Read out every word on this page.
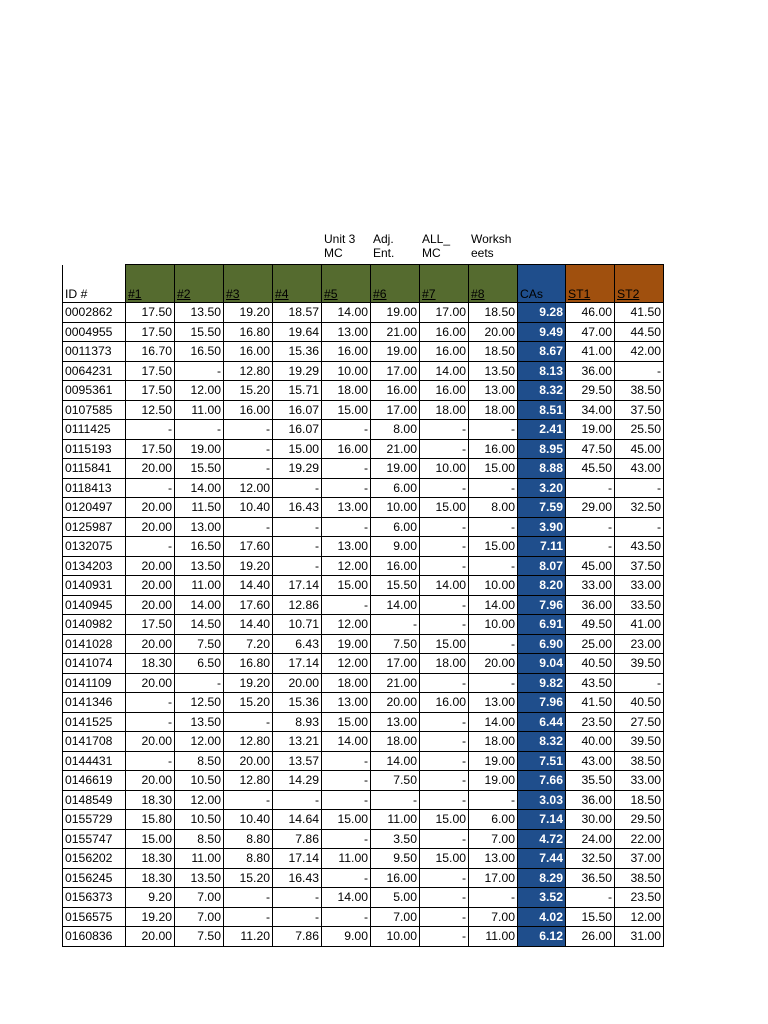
Unit 3
MC
Adj.
Ent.
ALL_
MC
Worksh
eets
ID #	#1	#2	#3	#4	#5	#6	#7	#8	CAs	ST1	ST2
0002862	17.50	13.50	19.20	18.57	14.00	19.00	17.00	18.50	9.28	46.00	41.50
0004955	17.50	15.50	16.80	19.64	13.00	21.00	16.00	20.00	9.49	47.00	44.50
0011373	16.70	16.50	16.00	15.36	16.00	19.00	16.00	18.50	8.67	41.00	42.00
0064231	17.50	-	12.80	19.29	10.00	17.00	14.00	13.50	8.13	36.00	-
0095361	17.50	12.00	15.20	15.71	18.00	16.00	16.00	13.00	8.32	29.50	38.50
0107585	12.50	11.00	16.00	16.07	15.00	17.00	18.00	18.00	8.51	34.00	37.50
0111425	-	-	-	16.07	-	8.00	-	-	2.41	19.00	25.50
0115193	17.50	19.00	-	15.00	16.00	21.00	-	16.00	8.95	47.50	45.00
0115841	20.00	15.50	-	19.29	-	19.00	10.00	15.00	8.88	45.50	43.00
0118413	-	14.00	12.00	-	-	6.00	-	-	3.20	-	-
0120497	20.00	11.50	10.40	16.43	13.00	10.00	15.00	8.00	7.59	29.00	32.50
0125987	20.00	13.00	-	-	-	6.00	-	-	3.90	-	-
0132075	-	16.50	17.60	-	13.00	9.00	-	15.00	7.11	-	43.50
0134203	20.00	13.50	19.20	-	12.00	16.00	-	-	8.07	45.00	37.50
0140931	20.00	11.00	14.40	17.14	15.00	15.50	14.00	10.00	8.20	33.00	33.00
0140945	20.00	14.00	17.60	12.86	-	14.00	-	14.00	7.96	36.00	33.50
0140982	17.50	14.50	14.40	10.71	12.00	-	-	10.00	6.91	49.50	41.00
0141028	20.00	7.50	7.20	6.43	19.00	7.50	15.00	-	6.90	25.00	23.00
0141074	18.30	6.50	16.80	17.14	12.00	17.00	18.00	20.00	9.04	40.50	39.50
0141109	20.00	-	19.20	20.00	18.00	21.00	-	-	9.82	43.50	-
0141346	-	12.50	15.20	15.36	13.00	20.00	16.00	13.00	7.96	41.50	40.50
0141525	-	13.50	-	8.93	15.00	13.00	-	14.00	6.44	23.50	27.50
0141708	20.00	12.00	12.80	13.21	14.00	18.00	-	18.00	8.32	40.00	39.50
0144431	-	8.50	20.00	13.57	-	14.00	-	19.00	7.51	43.00	38.50
0146619	20.00	10.50	12.80	14.29	-	7.50	-	19.00	7.66	35.50	33.00
0148549	18.30	12.00	-	-	-	-	-	-	3.03	36.00	18.50
0155729	15.80	10.50	10.40	14.64	15.00	11.00	15.00	6.00	7.14	30.00	29.50
0155747	15.00	8.50	8.80	7.86	-	3.50	-	7.00	4.72	24.00	22.00
0156202	18.30	11.00	8.80	17.14	11.00	9.50	15.00	13.00	7.44	32.50	37.00
0156245	18.30	13.50	15.20	16.43	-	16.00	-	17.00	8.29	36.50	38.50
0156373	9.20	7.00	-	-	14.00	5.00	-	-	3.52	-	23.50
0156575	19.20	7.00	-	-	-	7.00	-	7.00	4.02	15.50	12.00
0160836	20.00	7.50	11.20	7.86	9.00	10.00	-	11.00	6.12	26.00	31.00
